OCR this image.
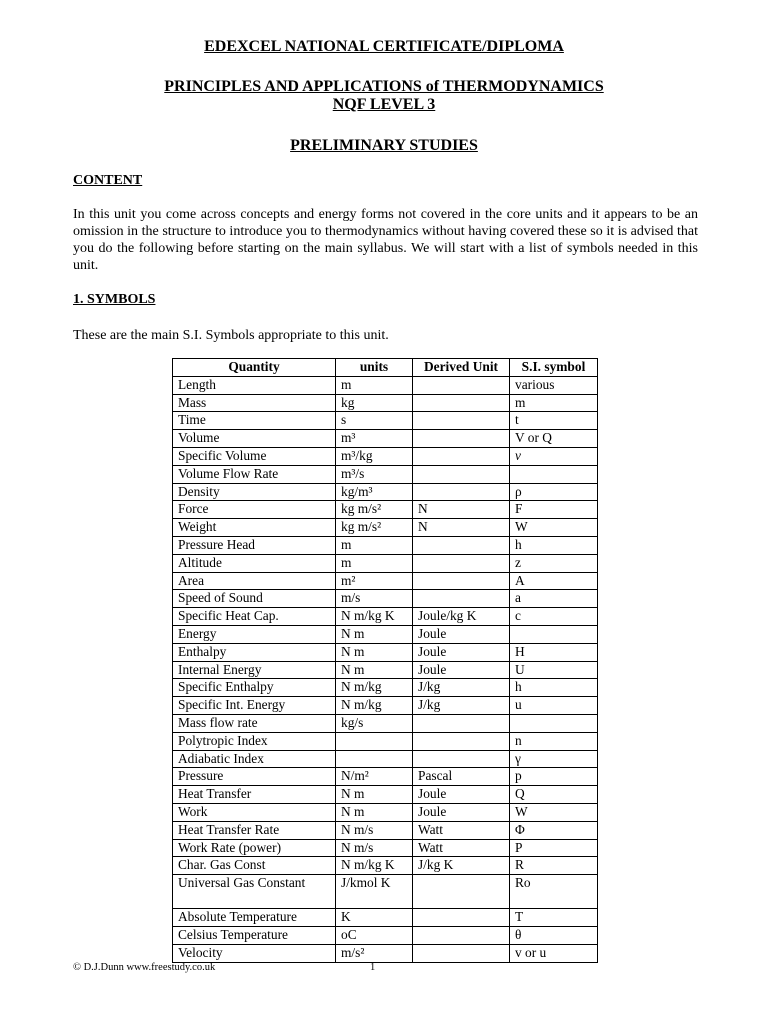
EDEXCEL NATIONAL CERTIFICATE/DIPLOMA
PRINCIPLES AND APPLICATIONS of THERMODYNAMICS
NQF LEVEL 3
PRELIMINARY STUDIES
CONTENT
In this unit you come across concepts and energy forms not covered in the core units and it appears to be an omission in the structure to introduce you to thermodynamics without having covered these so it is advised that you do the following before starting on the main syllabus. We will start with a list of symbols needed in this unit.
1. SYMBOLS
These are the main S.I. Symbols appropriate to this unit.
Quantity	units	Derived Unit	S.I. symbol
Length	m		various
Mass	kg		m
Time	s		t
Volume	m³		V or Q
Specific Volume	m³/kg		v
Volume Flow Rate	m³/s		
Density	kg/m³		ρ
Force	kg m/s²	N	F
Weight	kg m/s²	N	W
Pressure Head	m		h
Altitude	m		z
Area	m²		A
Speed of Sound	m/s		a
Specific Heat Cap.	N m/kg K	Joule/kg K	c
Energy	N m	Joule	
Enthalpy	N m	Joule	H
Internal Energy	N m	Joule	U
Specific Enthalpy	N m/kg	J/kg	h
Specific Int. Energy	N m/kg	J/kg	u
Mass flow rate	kg/s		
Polytropic Index			n
Adiabatic Index			γ
Pressure	N/m²	Pascal	p
Heat Transfer	N m	Joule	Q
Work	N m	Joule	W
Heat Transfer Rate	N m/s	Watt	Φ
Work Rate (power)	N m/s	Watt	P
Char. Gas Const	N m/kg K	J/kg K	R
Universal Gas Constant	J/kmol K		Ro
Absolute Temperature	K		T
Celsius Temperature	oC		θ
Velocity	m/s²		v or u
© D.J.Dunn www.freestudy.co.uk	1
